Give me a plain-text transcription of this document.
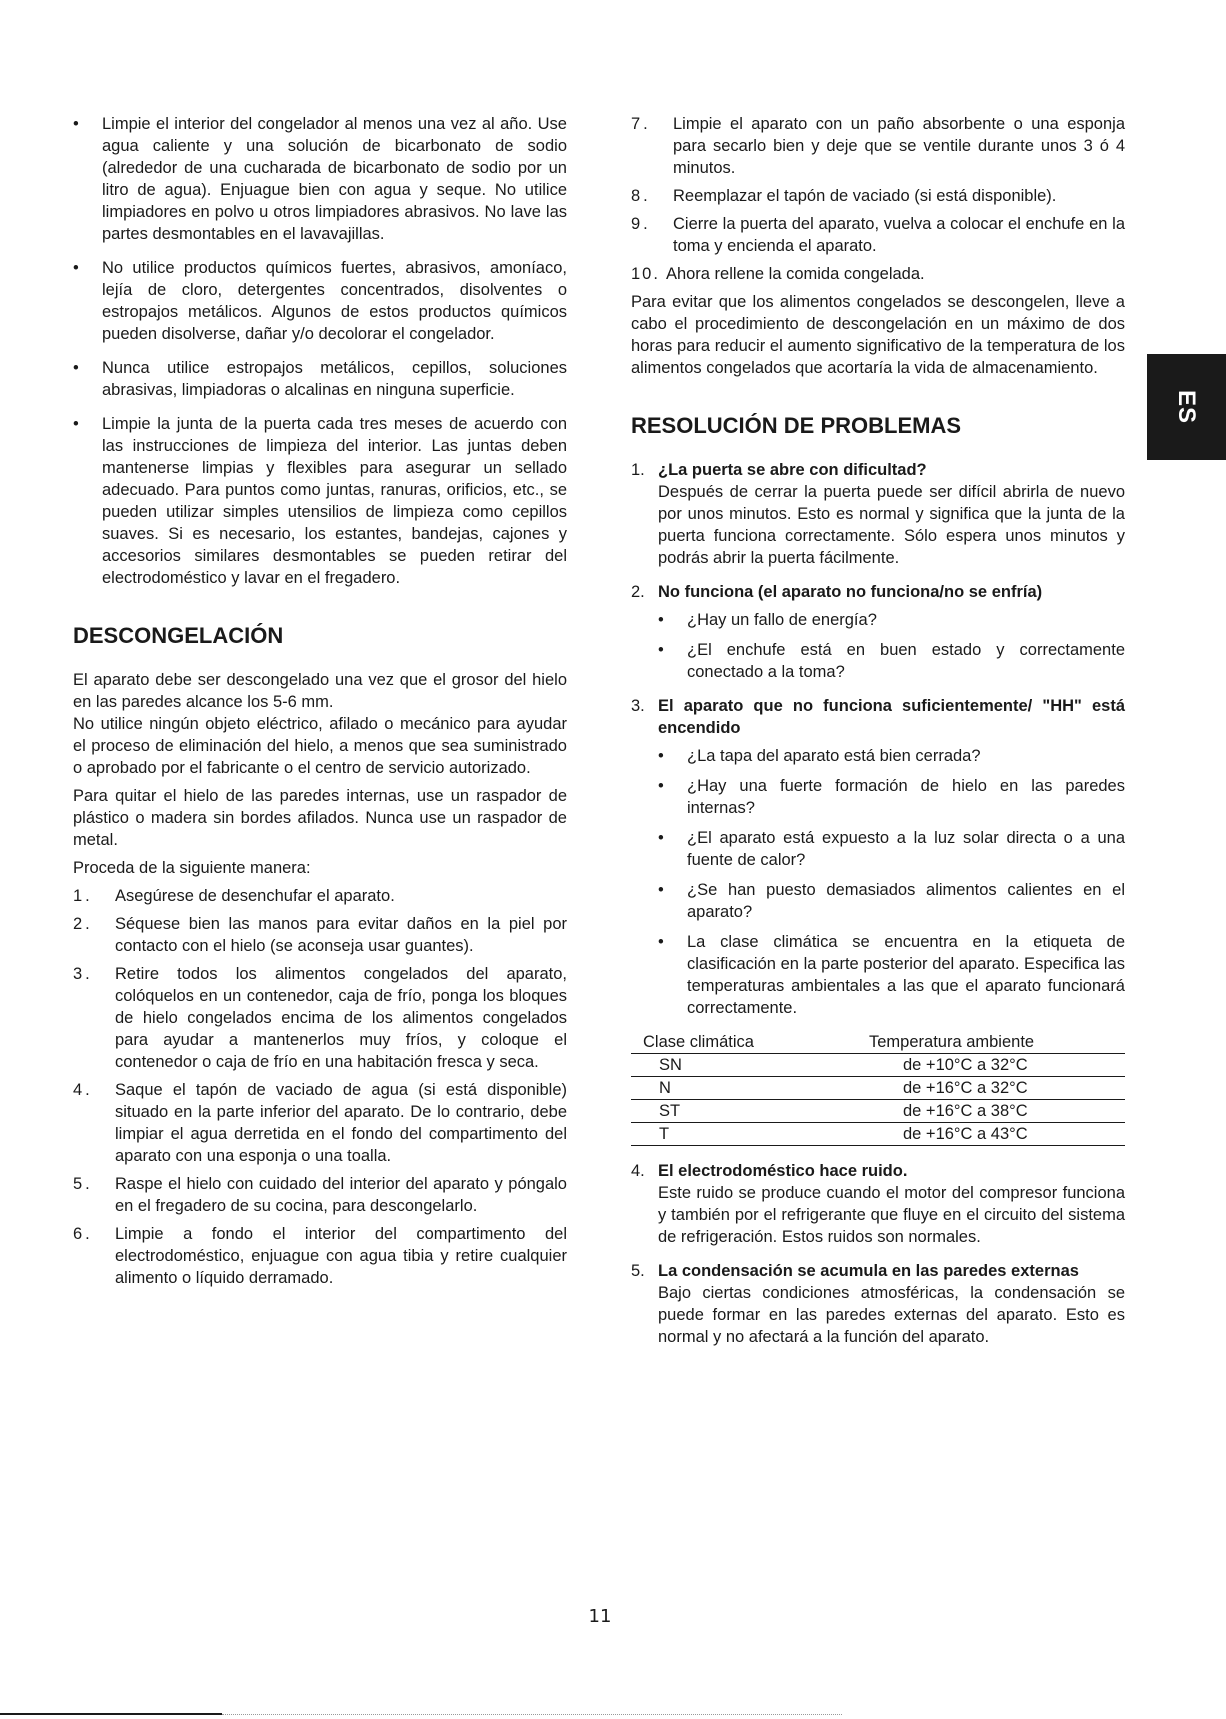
• Limpie el interior del congelador al menos una vez al año. Use agua caliente y una solución de bicarbonato de sodio (alrededor de una cucharada de bicarbonato de sodio por un litro de agua). Enjuague bien con agua y seque. No utilice limpiadores en polvo u otros limpiadores abrasivos. No lave las partes desmontables en el lavavajillas.
• No utilice productos químicos fuertes, abrasivos, amoníaco, lejía de cloro, detergentes concentrados, disolventes o estropajos metálicos. Algunos de estos productos químicos pueden disolverse, dañar y/o decolorar el congelador.
• Nunca utilice estropajos metálicos, cepillos, soluciones abrasivas, limpiadoras o alcalinas en ninguna superficie.
• Limpie la junta de la puerta cada tres meses de acuerdo con las instrucciones de limpieza del interior. Las juntas deben mantenerse limpias y flexibles para asegurar un sellado adecuado. Para puntos como juntas, ranuras, orificios, etc., se pueden utilizar simples utensilios de limpieza como cepillos suaves. Si es necesario, los estantes, bandejas, cajones y accesorios similares desmontables se pueden retirar del electrodoméstico y lavar en el fregadero.
DESCONGELACIÓN

El aparato debe ser descongelado una vez que el grosor del hielo en las paredes alcance los 5-6 mm.

No utilice ningún objeto eléctrico, afilado o mecánico para ayudar el proceso de eliminación del hielo, a menos que sea suministrado o aprobado por el fabricante o el centro de servicio autorizado.

Para quitar el hielo de las paredes internas, use un raspador de plástico o madera sin bordes afilados. Nunca use un raspador de metal.

Proceda de la siguiente manera:

1. Asegúrese de desenchufar el aparato.
2. Séquese bien las manos para evitar daños en la piel por contacto con el hielo (se aconseja usar guantes).
3. Retire todos los alimentos congelados del aparato, colóquelos en un contenedor, caja de frío, ponga los bloques de hielo congelados encima de los alimentos congelados para ayudar a mantenerlos muy fríos, y coloque el contenedor o caja de frío en una habitación fresca y seca.
4. Saque el tapón de vaciado de agua (si está disponible) situado en la parte inferior del aparato. De lo contrario, debe limpiar el agua derretida en el fondo del compartimento del aparato con una esponja o una toalla.
5. Raspe el hielo con cuidado del interior del aparato y póngalo en el fregadero de su cocina, para descongelarlo.
6. Limpie a fondo el interior del compartimento del electrodoméstico, enjuague con agua tibia y retire cualquier alimento o líquido derramado.
7. Limpie el aparato con un paño absorbente o una esponja para secarlo bien y deje que se ventile durante unos 3 ó 4 minutos.
8. Reemplazar el tapón de vaciado (si está disponible).
9. Cierre la puerta del aparato, vuelva a colocar el enchufe en la toma y encienda el aparato.
10. Ahora rellene la comida congelada.

Para evitar que los alimentos congelados se descongelen, lleve a cabo el procedimiento de descongelación en un máximo de dos horas para reducir el aumento significativo de la temperatura de los alimentos congelados que acortaría la vida de almacenamiento.

RESOLUCIÓN DE PROBLEMAS
1. ¿La puerta se abre con dificultad?
Después de cerrar la puerta puede ser difícil abrirla de nuevo por unos minutos. Esto es normal y significa que la junta de la puerta funciona correctamente. Sólo espera unos minutos y podrás abrir la puerta fácilmente.
2. No funciona (el aparato no funciona/no se enfría)
• ¿Hay un fallo de energía?
• ¿El enchufe está en buen estado y correctamente conectado a la toma?
3. El aparato que no funciona suficientemente/ "HH" está encendido
• ¿La tapa del aparato está bien cerrada?
• ¿Hay una fuerte formación de hielo en las paredes internas?
• ¿El aparato está expuesto a la luz solar directa o a una fuente de calor?
• ¿Se han puesto demasiados alimentos calientes en el aparato?
• La clase climática se encuentra en la etiqueta de clasificación en la parte posterior del aparato. Especifica las temperaturas ambientales a las que el aparato funcionará correctamente.
Clase climática	Temperatura ambiente
SN	de +10°C a 32°C
N	de +16°C a 32°C
ST	de +16°C a 38°C
T	de +16°C a 43°C
4. El electrodoméstico hace ruido.
Este ruido se produce cuando el motor del compresor funciona y también por el refrigerante que fluye en el circuito del sistema de refrigeración. Estos ruidos son normales.
5. La condensación se acumula en las paredes externas
Bajo ciertas condiciones atmosféricas, la condensación se puede formar en las paredes externas del aparato. Esto es normal y no afectará a la función del aparato.
ES
11
